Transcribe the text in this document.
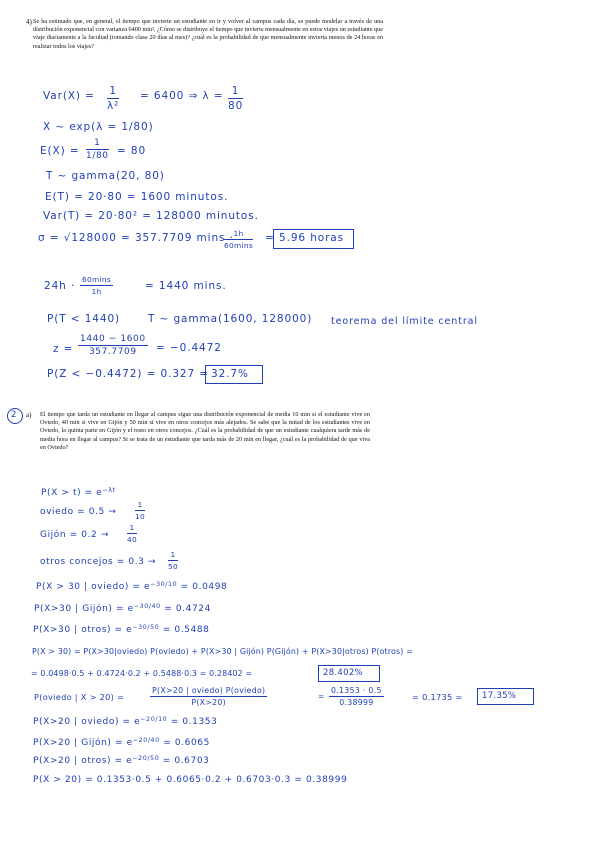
4) Se ha estimado que, en general, el tiempo que invierte un estudiante en ir y volver al campus cada día, se puede modelar a través de una distribución exponencial con varianza 6400 min². ¿Cómo se distribuye el tiempo que invierte mensualmente en estos viajes un estudiante que viaje diariamente a la facultad (tomando clase 20 días al mes)? ¿cuál es la probabilidad de que mensualmente invierta menos de 24 horas en realizar todos los viajes?
$Var(X) = \frac{1}{\text{λ²}} = 6400$ ⇒ $\lambda = \frac{1}{80}$
X ~ exp(λ = 1/80)
$E(X) = \frac{1}{1/80} = 80$
T ~ gamma(20, 80)
E(T) = 20·80 = 1600 minutos.
Var(T) = 20·80² = 128000 minutos.
σ = √128000 = 357.7709 mins · 1h
60mins
= 5.96 horas
24h ·
60mins
1h	= 1440 mins.
P(T < 1440)	T ~ gamma(1600, 128000) teorema del límite central
$z = \frac{1440 - 1600}{357.7709} = -0.4472$
P(Z < −0.4472) = 0.327 = 32.7%
2 a) El tiempo que tarda un estudiante en llegar al campus sigue una distribución exponencial de media 10 min si el estudiante vive en Oviedo, 40 min si vive en Gijón y 50 min si vive en otros concejos más alejados. Se sabe que la mitad de los estudiantes vive en Oviedo, la quinta parte en Gijón y el resto en otros concejos. ¿Cuál es la probabilidad de que un estudiante cualquiera tarde más de media hora en llegar al campus? Si se trata de un estudiante que tarda más de 20 min en llegar, ¿cuál es la probabilidad de que viva en Oviedo?
$P(X > t) = e^{-\lambda t}$
oviedo = 0.5 →	$\frac{1}{10}$
Gijón = $0.2 \to \frac{1}{40}$
otros concejos = $0.3 \to \frac{1}{50}$
P(X > 30 | oviedo) = $e^{-30/10} = 0.0498$
P(X>30 | Gijón) = $e^{-30/40} = 0.4724$
P(X>30 | otros) = $e^{-30/50} = 0.5488$
P(X > 30) = P(X>30|oviedo) P(oviedo) + P(X>30 | Gijón) P(Gijón) + P(X>30|otros) P(otros) =
= 0.0498·0.5 + 0.4724·0.2 + 0.5488·0.3 = 0.28402 =	28.402%
P(oviedo | X > 20) =
P(X>20 | oviedo) P(oviedo)
P(X>20)
= $\frac{0.1353 \cdot 0.5}{0.38999}$	= 0.1735 = 17.35%
P(X>20 | oviedo) = $e^{-20/10} = 0.1353$
P(X>20 | Gijón) = $e^{-20/40} = 0.6065$
P(X>20 | otros) = $e^{-20/50} = 0.6703$
P(X > 20) = 0.1353·0.5 + 0.6065·0.2 + 0.6703·0.3 = 0.38999
